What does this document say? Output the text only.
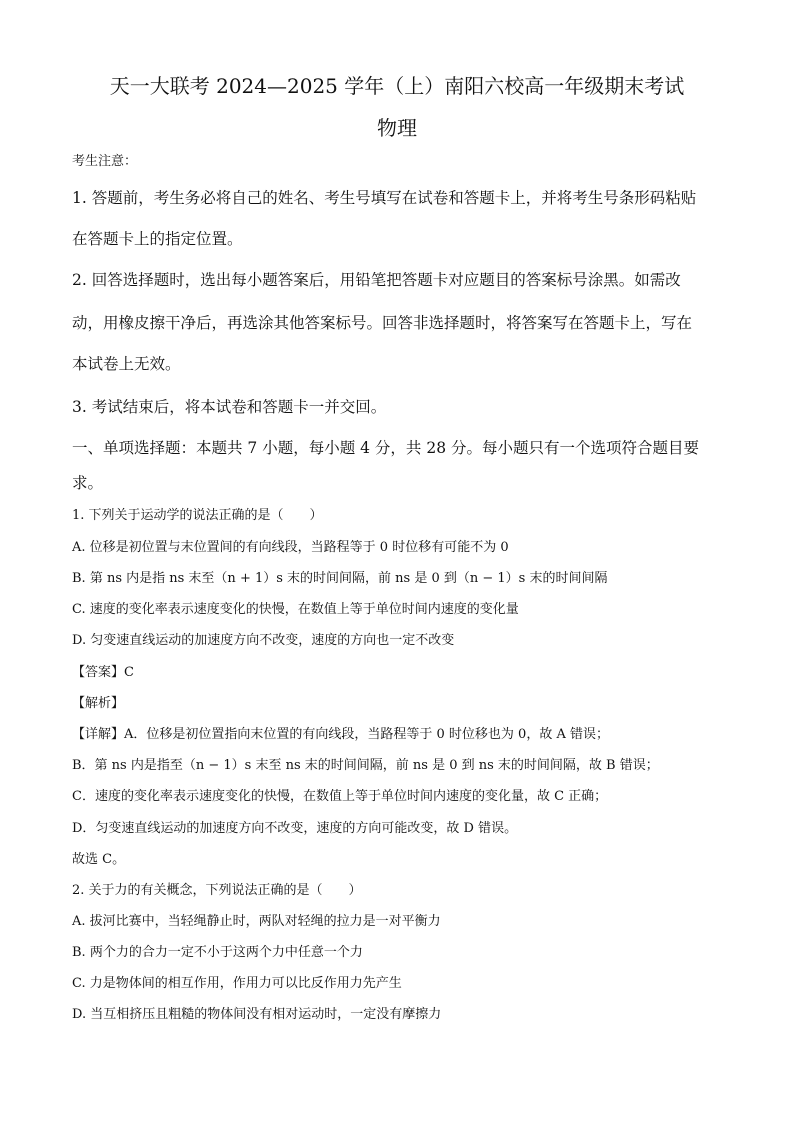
天一大联考 2024—2025 学年（上）南阳六校高一年级期末考试
物理
考生注意：
1. 答题前，考生务必将自己的姓名、考生号填写在试卷和答题卡上，并将考生号条形码粘贴
在答题卡上的指定位置。
2. 回答选择题时，选出每小题答案后，用铅笔把答题卡对应题目的答案标号涂黑。如需改
动，用橡皮擦干净后，再选涂其他答案标号。回答非选择题时，将答案写在答题卡上，写在
本试卷上无效。
3. 考试结束后，将本试卷和答题卡一并交回。
一、单项选择题：本题共 7 小题，每小题 4 分，共 28 分。每小题只有一个选项符合题目要
求。
1. 下列关于运动学的说法正确的是（　　）
A. 位移是初位置与末位置间的有向线段，当路程等于 0 时位移有可能不为 0
B. 第 ns 内是指 ns 末至（n + 1）s 末的时间间隔，前 ns 是 0 到（n − 1）s 末的时间间隔
C. 速度的变化率表示速度变化的快慢，在数值上等于单位时间内速度的变化量
D. 匀变速直线运动的加速度方向不改变，速度的方向也一定不改变
【答案】C
【解析】
【详解】A．位移是初位置指向末位置的有向线段，当路程等于 0 时位移也为 0，故 A 错误；
B．第 ns 内是指至（n − 1）s 末至 ns 末的时间间隔，前 ns 是 0 到 ns 末的时间间隔，故 B 错误；
C．速度的变化率表示速度变化的快慢，在数值上等于单位时间内速度的变化量，故 C 正确；
D．匀变速直线运动的加速度方向不改变，速度的方向可能改变，故 D 错误。
故选 C。
2. 关于力的有关概念，下列说法正确的是（　　）
A. 拔河比赛中，当轻绳静止时，两队对轻绳的拉力是一对平衡力
B. 两个力的合力一定不小于这两个力中任意一个力
C. 力是物体间的相互作用，作用力可以比反作用力先产生
D. 当互相挤压且粗糙的物体间没有相对运动时，一定没有摩擦力
